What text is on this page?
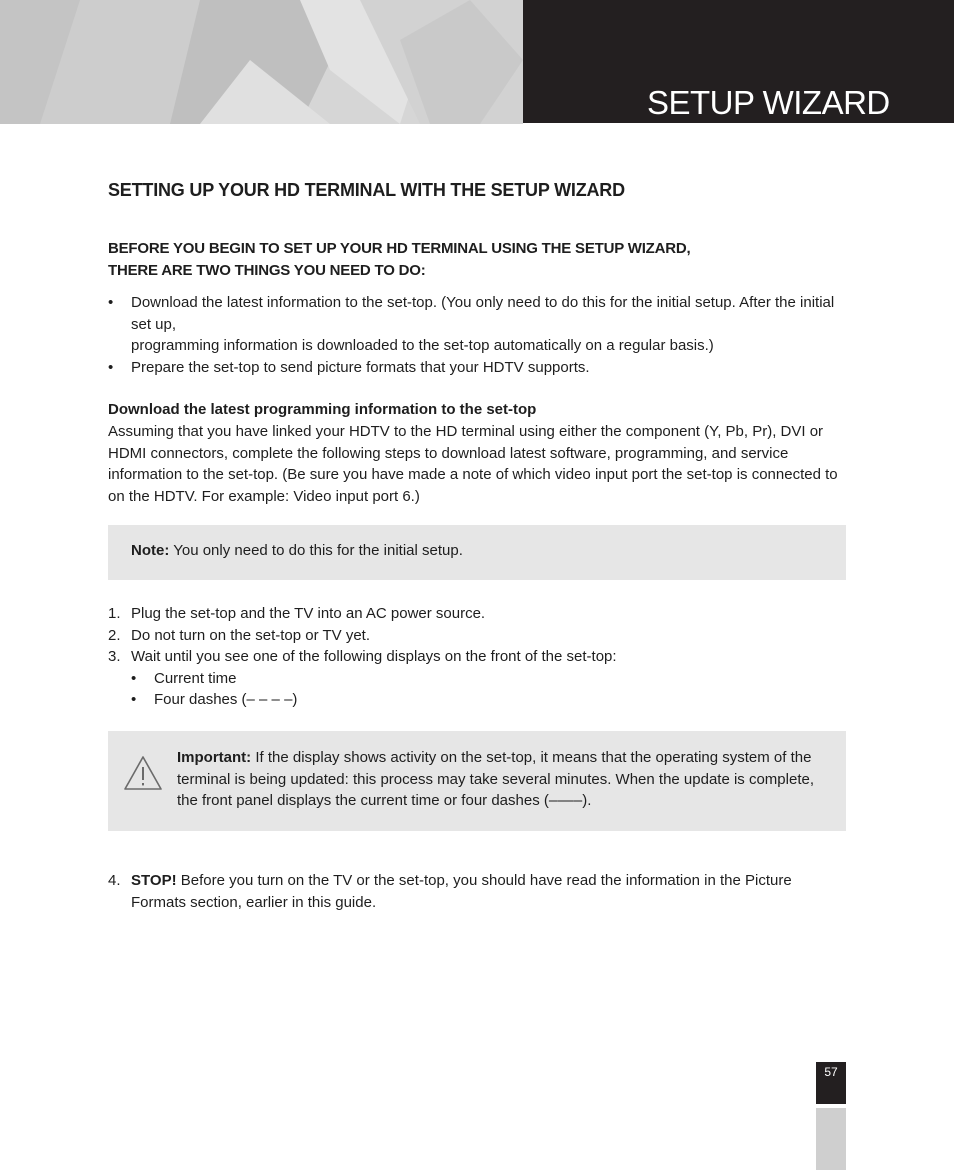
SETUP WIZARD
SETTING UP YOUR HD TERMINAL WITH THE SETUP WIZARD
BEFORE YOU BEGIN TO SET UP YOUR HD TERMINAL USING THE SETUP WIZARD,
THERE ARE TWO THINGS YOU NEED TO DO:
• Download the latest information to the set-top. (You only need to do this for the initial setup. After the initial set up,
programming information is downloaded to the set-top automatically on a regular basis.)
• Prepare the set-top to send picture formats that your HDTV supports.
Download the latest programming information to the set-top

Assuming that you have linked your HDTV to the HD terminal using either the component (Y, Pb, Pr), DVI or HDMI connectors, complete the following steps to download latest software, programming, and service information to the set-top. (Be sure you have made a note of which video input port the set-top is connected to on the HDTV. For example: Video input port 6.)

Note: You only need to do this for the initial setup.
1. Plug the set-top and the TV into an AC power source.
2. Do not turn on the set-top or TV yet.
3. Wait until you see one of the following displays on the front of the set-top:
• Current time
• Four dashes (– – – –)
Important: If the display shows activity on the set-top, it means that the operating system of the terminal is being updated: this process may take several minutes. When the update is complete, the front panel displays the current time or four dashes (––––).
4. STOP! Before you turn on the TV or the set-top, you should have read the information in the Picture Formats section, earlier in this guide.
57
